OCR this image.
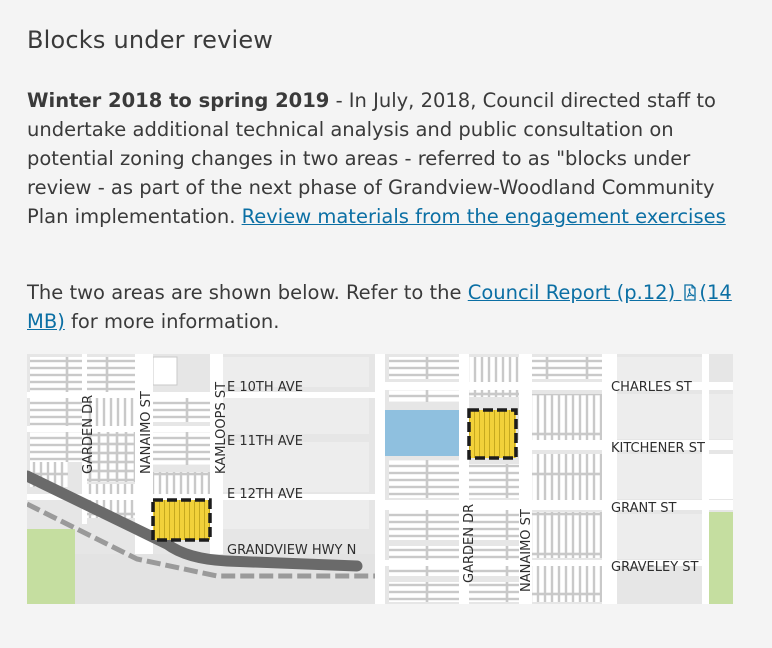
Blocks under review

Winter 2018 to spring 2019 - In July, 2018, Council directed staff to undertake additional technical analysis and public consultation on potential zoning changes in two areas - referred to as "blocks under review - as part of the next phase of Grandview-Woodland Community Plan implementation. Review materials from the engagement exercises

The two areas are shown below. Refer to the Council Report (p.12) (14 MB) for more information.

E 10TH AVE
E 11TH AVE
E 12TH AVE
GRANDVIEW HWY N
GARDEN DR	NANAIMO ST	KAMLOOPS ST	CHARLES ST
KITCHENER ST
GRANT ST
GRAVELEY ST
GARDEN DR	NANAIMO ST
